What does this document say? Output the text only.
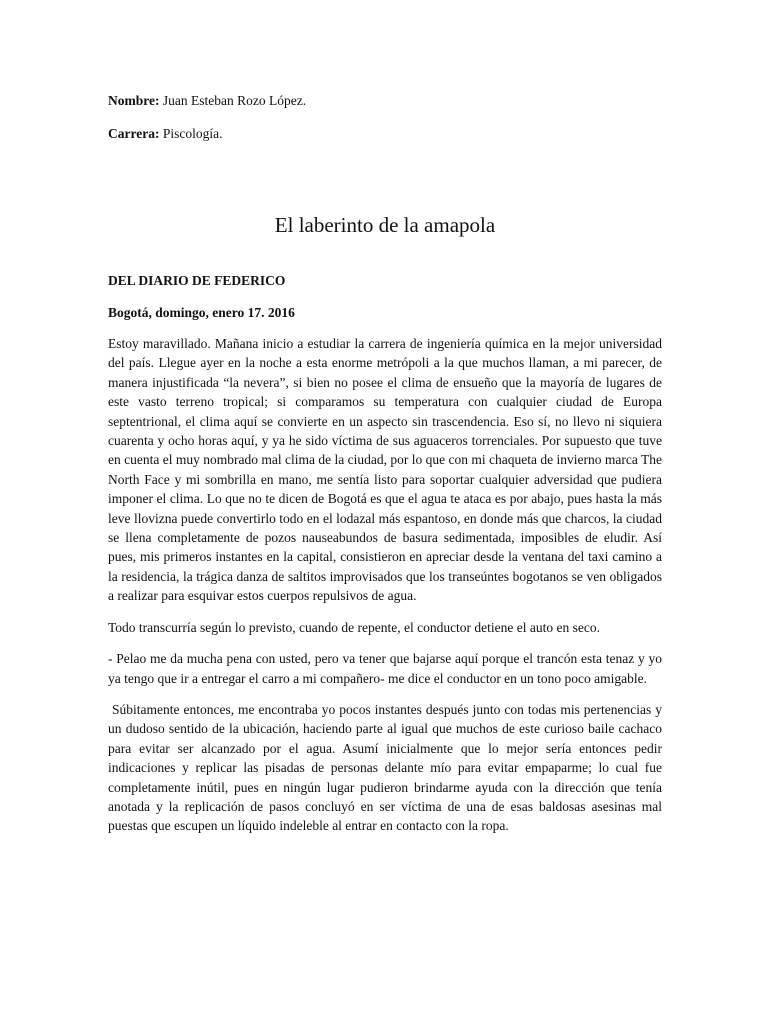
Nombre: Juan Esteban Rozo López.

Carrera: Piscología.

El laberinto de la amapola
DEL DIARIO DE FEDERICO
Bogotá, domingo, enero 17. 2016

Estoy maravillado. Mañana inicio a estudiar la carrera de ingeniería química en la mejor universidad del país. Llegue ayer en la noche a esta enorme metrópoli a la que muchos llaman, a mi parecer, de manera injustificada “la nevera”, si bien no posee el clima de ensueño que la mayoría de lugares de este vasto terreno tropical; si comparamos su temperatura con cualquier ciudad de Europa septentrional, el clima aquí se convierte en un aspecto sin trascendencia. Eso sí, no llevo ni siquiera cuarenta y ocho horas aquí, y ya he sido víctima de sus aguaceros torrenciales. Por supuesto que tuve en cuenta el muy nombrado mal clima de la ciudad, por lo que con mi chaqueta de invierno marca The North Face y mi sombrilla en mano, me sentía listo para soportar cualquier adversidad que pudiera imponer el clima. Lo que no te dicen de Bogotá es que el agua te ataca es por abajo, pues hasta la más leve llovizna puede convertirlo todo en el lodazal más espantoso, en donde más que charcos, la ciudad se llena completamente de pozos nauseabundos de basura sedimentada, imposibles de eludir. Así pues, mis primeros instantes en la capital, consistieron en apreciar desde la ventana del taxi camino a la residencia, la trágica danza de saltitos improvisados que los transeúntes bogotanos se ven obligados a realizar para esquivar estos cuerpos repulsivos de agua.

Todo transcurría según lo previsto, cuando de repente, el conductor detiene el auto en seco.

- Pelao me da mucha pena con usted, pero va tener que bajarse aquí porque el trancón esta tenaz y yo ya tengo que ir a entregar el carro a mi compañero- me dice el conductor en un tono poco amigable.

Súbitamente entonces, me encontraba yo pocos instantes después junto con todas mis pertenencias y un dudoso sentido de la ubicación, haciendo parte al igual que muchos de este curioso baile cachaco para evitar ser alcanzado por el agua. Asumí inicialmente que lo mejor sería entonces pedir indicaciones y replicar las pisadas de personas delante mío para evitar empaparme; lo cual fue completamente inútil, pues en ningún lugar pudieron brindarme ayuda con la dirección que tenía anotada y la replicación de pasos concluyó en ser víctima de una de esas baldosas asesinas mal puestas que escupen un líquido indeleble al entrar en contacto con la ropa.
